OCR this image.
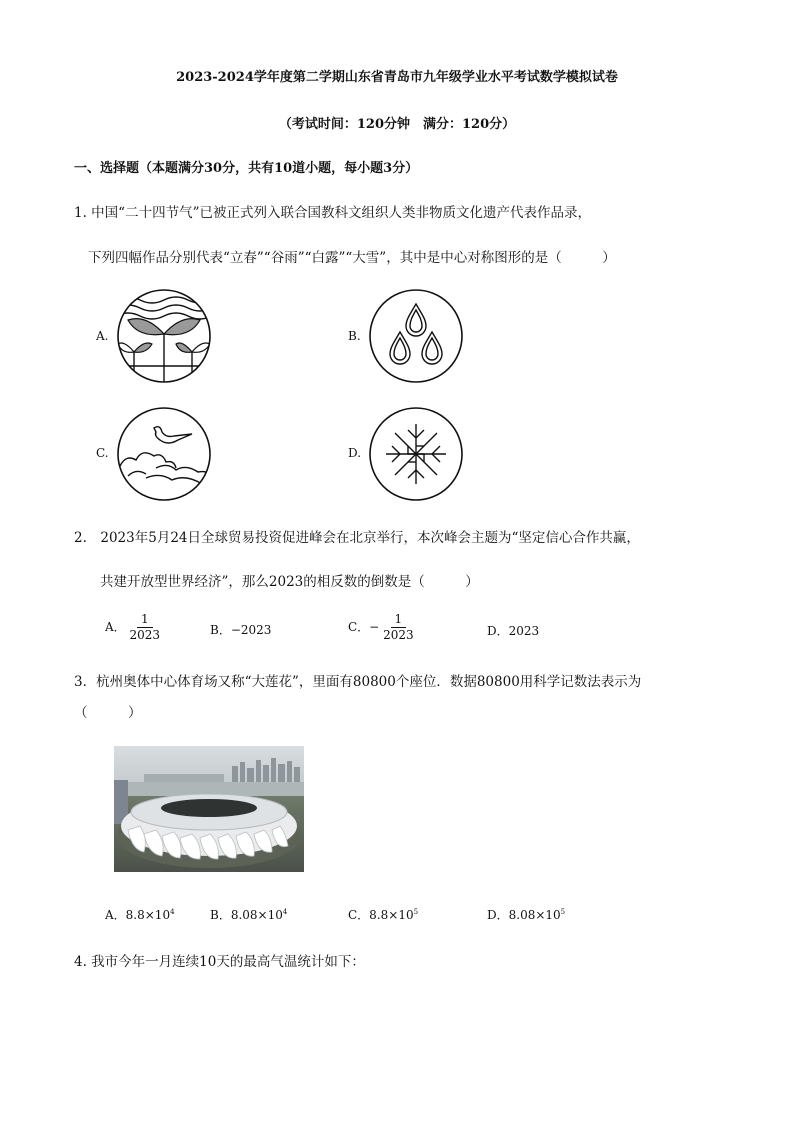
2023-2024学年度第二学期山东省青岛市九年级学业水平考试数学模拟试卷
（考试时间：120分钟　满分：120分）
一、选择题（本题满分30分，共有10道小题，每小题3分）
1. 中国“二十四节气”已被正式列入联合国教科文组织人类非物质文化遗产代表作品录，
下列四幅作品分别代表“立春”“谷雨”“白露”“大雪”，其中是中心对称图形的是（　　　）
A.	B.
C.	D.
2.　2023年5月24日全球贸易投资促进峰会在北京举行，本次峰会主题为“坚定信心合作共赢，
共建开放型世界经济”，那么2023的相反数的倒数是（　　　）
A． $\frac{1}{2023}$	B．−2023	C．− $\frac{1}{2023}$	D．2023
3．杭州奥体中心体育场又称“大莲花”，里面有80800个座位．数据80800用科学记数法表示为
（　　　）
A．$8.8\times 10^4$	B．$8.08\times 10^4$	C．$8.8\times 10^5$	D．$8.08\times 10^5$
4. 我市今年一月连续10天的最高气温统计如下：
